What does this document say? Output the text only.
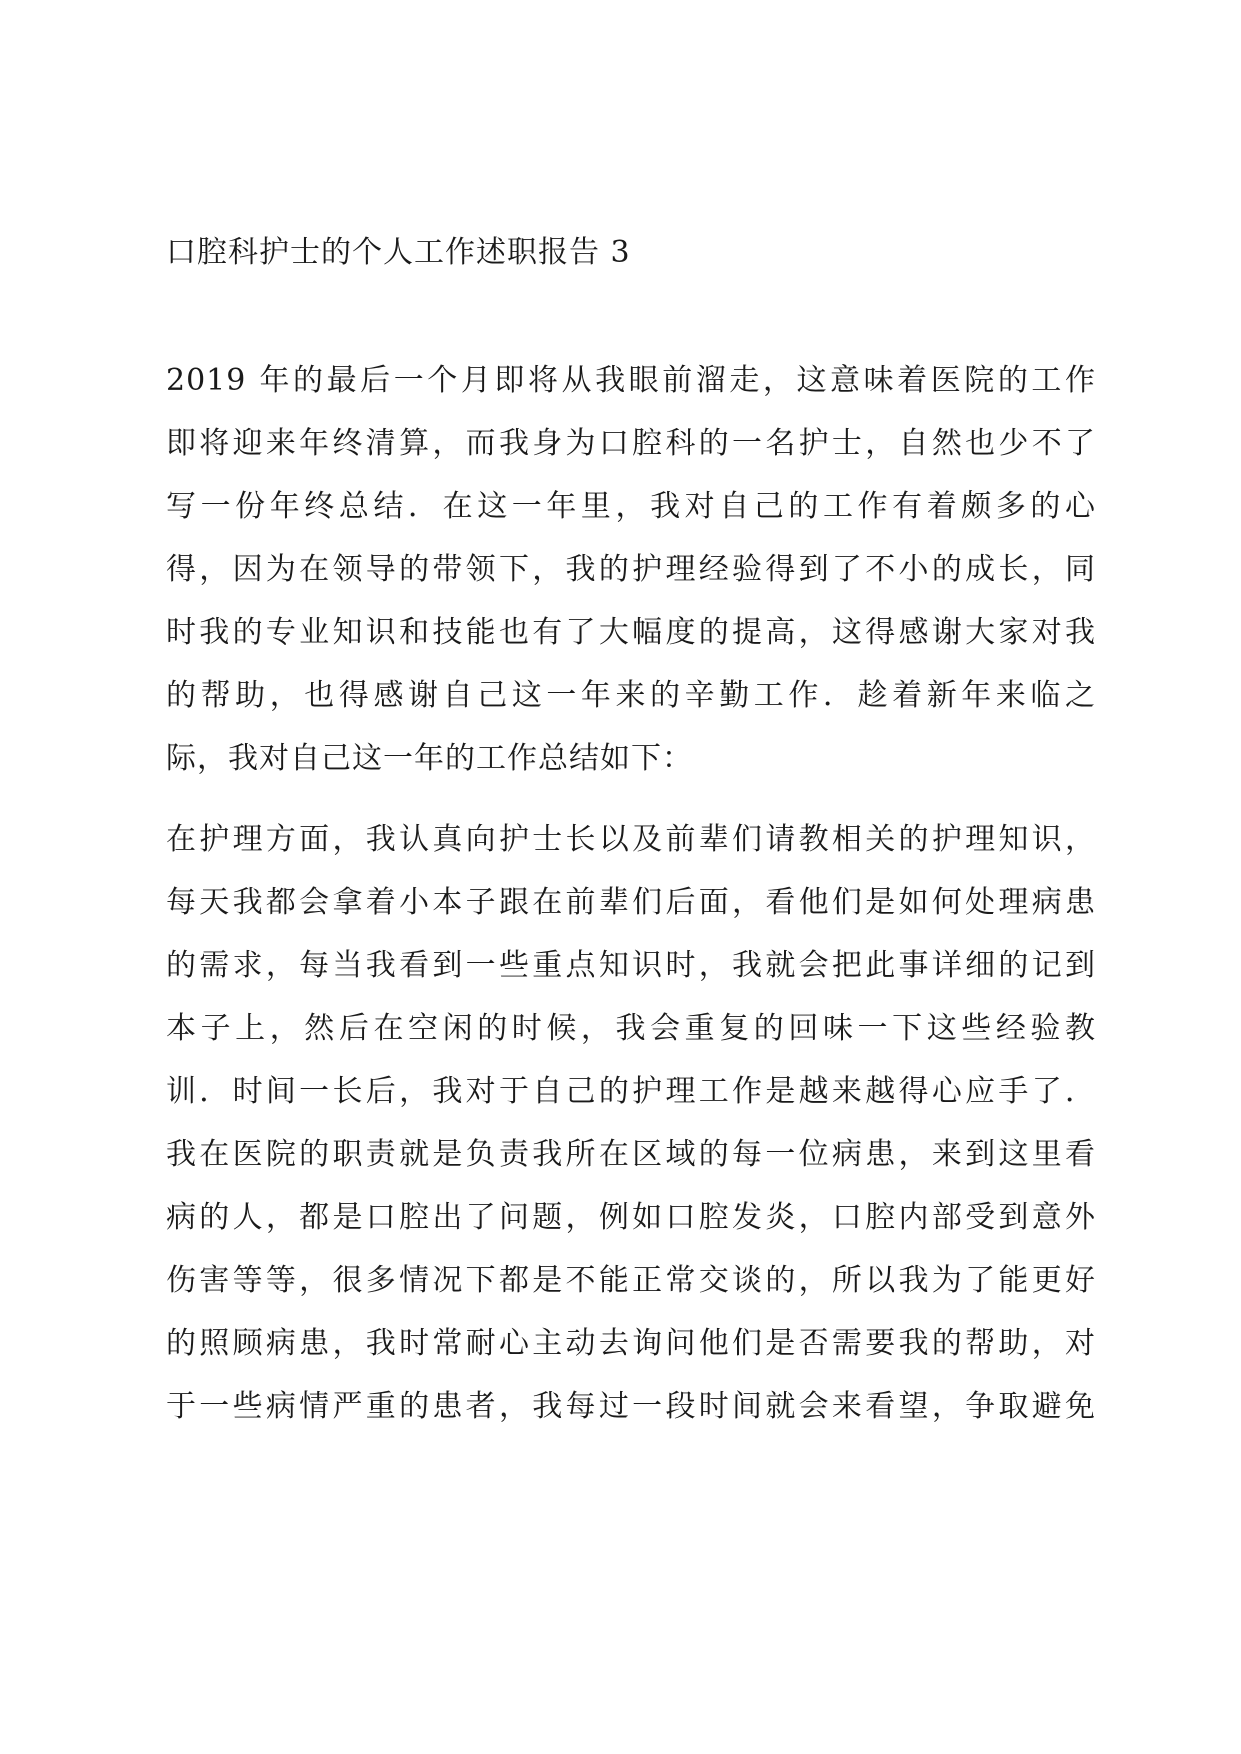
口腔科护士的个人工作述职报告 3
2019 年的最后一个月即将从我眼前溜走，这意味着医院的工作
即将迎来年终清算，而我身为口腔科的一名护士，自然也少不了
写一份年终总结．在这一年里，我对自己的工作有着颇多的心
得，因为在领导的带领下，我的护理经验得到了不小的成长，同
时我的专业知识和技能也有了大幅度的提高，这得感谢大家对我
的帮助，也得感谢自己这一年来的辛勤工作．趁着新年来临之
际，我对自己这一年的工作总结如下：
在护理方面，我认真向护士长以及前辈们请教相关的护理知识，
每天我都会拿着小本子跟在前辈们后面，看他们是如何处理病患
的需求，每当我看到一些重点知识时，我就会把此事详细的记到
本子上，然后在空闲的时候，我会重复的回味一下这些经验教
训．时间一长后，我对于自己的护理工作是越来越得心应手了．
我在医院的职责就是负责我所在区域的每一位病患，来到这里看
病的人，都是口腔出了问题，例如口腔发炎，口腔内部受到意外
伤害等等，很多情况下都是不能正常交谈的，所以我为了能更好
的照顾病患，我时常耐心主动去询问他们是否需要我的帮助，对
于一些病情严重的患者，我每过一段时间就会来看望，争取避免
